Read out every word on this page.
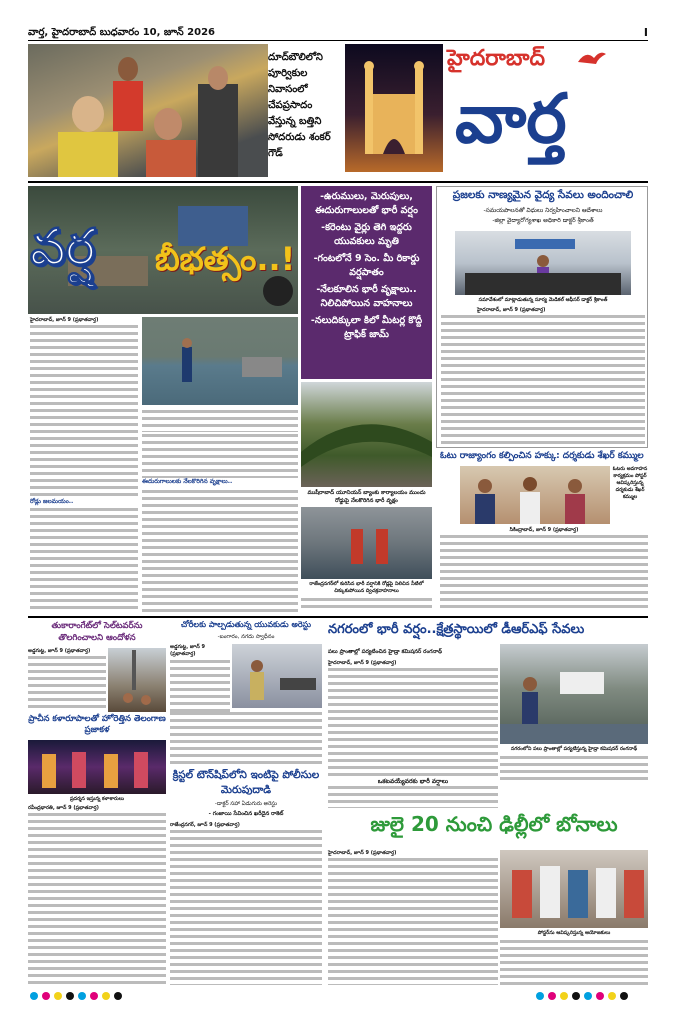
వార్త, హైదరాబాద్ బుధవారం 10, జూన్ 2026	I
దూద్‌బౌలిలోని పూర్విక‌ుల నివాసంలో చేపప్రసాదం వేస్తున్న బత్తిని సోదరుడు శంకర్ గౌడ్
హైదరాబాద్
వార్త
వర్ష బీభత్సం..!
-ఉరుములు, మెరుపులు, ఈదురుగాలులతో భారీ వర్షం
-కరెంటు వైర్లు తెగి ఇద్దరు యువకులు మృతి
-గంటలోనే 9 సెం. మీ రికార్డు వర్షపాతం
-నేలకూలిన భారీ వృక్షాలు..
నిలిచిపోయిన వాహనాలు
-నలుదిక్కులా కిలో మీటర్ల కొద్దీ ట్రాఫిక్ జామ్
హైదరాబాద్, జూన్ 9 (ప్రభాతవార్త)
రోడ్లు జలమయం..
ఈదురుగాలులకు నేలకొరిగిన వృక్షాలు..
ముషీరాబాద్ యూనియన్ బ్యాంకు కార్యాలయం ముందు రోడ్డుపై నేలకొరిగిన భారీ వృక్షం
రాజేంద్రనగర్‌లో కురిసిన భారీ వర్షానికి రోడ్లపై నిలిచిన నీటిలో చిక్కుకుపోయిన ద్విచక్రవాహనాలు
ప్రజలకు నాణ్యమైన వైద్య సేవలు అందించాలి
-సమయపాలనతో విధులు నిర్వహించాలని ఆదేశాలు
-జిల్లా వైద్యారోగ్యశాఖ అధికారి డాక్టర్ శ్రీకాంత్
సమావేశంలో మాట్లాడుతున్న సూర్య మెడికల్ ఆఫీసర్ డాక్టర్ శ్రీకాంత్
హైదరాబాద్, జూన్ 9 (ప్రభాతవార్త)
ఓటు రాజ్యాంగం కల్పించిన హక్కు: దర్శకుడు శేఖర్ కమ్ముల
ఓటరు అవగాహన కార్యక్రమం పోస్టర్ ఆవిష్కరిస్తున్న దర్శకుడు శేఖర్ కమ్ముల
సికింద్రాబాద్, జూన్ 9 (ప్రభాతవార్త)
తుకారాంగేట్‌లో సెల్‌టవర్‌ను తొలగించాలని ఆందోళన
అడ్డగుట్ట, జూన్ 9 (ప్రభాతవార్త)
ప్రాచీన కళారూపాలతో హోరెత్తిన తెలంగాణ ప్రజాకళ
ప్రదర్శన ఇస్తున్న కళాకారులు
రవీంద్రభారతి, జూన్ 9 (ప్రభాతవార్త)
చోరీలకు పాల్పడుతున్న యువకుడు అరెస్టు
-బంగారం, నగదు స్వాధీనం
అడ్డగుట్ట, జూన్ 9 (ప్రభాతవార్త)
క్రిస్టల్ టౌన్‌షిప్‌లోని ఇంటిపై పోలీసుల మెరుపుదాడి
-డాక్టర్ సహా ఏడుగురు అరెస్టు
- గంజాయి సేవించిన ఖరీదైన రాకెట్
రాజేంద్రనగర్, జూన్ 9 (ప్రభాతవార్త)
నగరంలో భారీ వర్షం..క్షేత్రస్థాయిలో డీఆర్‌ఎఫ్ సేవలు
పలు ప్రాంతాల్లో పర్యటించిన హైడ్రా కమిషనర్ రంగనాథ్
హైదరాబాద్, జూన్ 9 (ప్రభాతవార్త)
నగరంలోని పలు ప్రాంతాల్లో పర్యటిస్తున్న హైడ్రా కమిషనర్ రంగనాథ్
ఒకటవయ్యేవరకు భారీ వర్షాలు
జులై 20 నుంచి ఢిల్లీలో బోనాలు
హైదరాబాద్, జూన్ 9 (ప్రభాతవార్త)
పోస్టర్‌ను ఆవిష్కరిస్తున్న ఆయోజకులు
